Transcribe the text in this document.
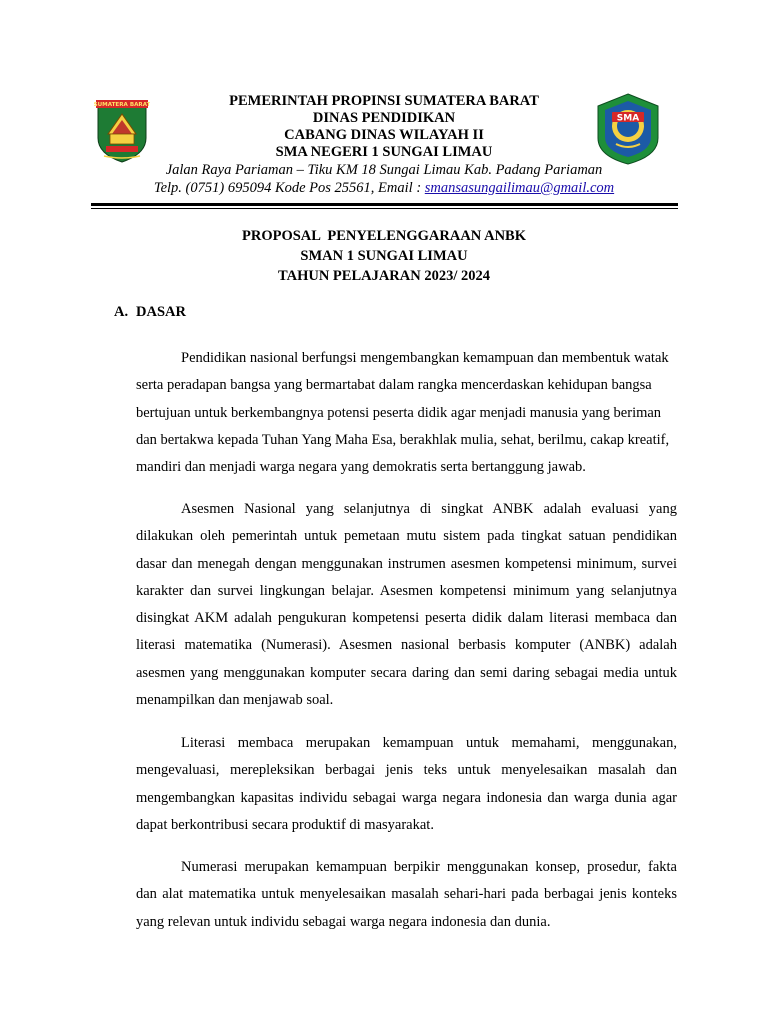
SUMATERA BARAT
SMA
PEMERINTAH PROPINSI SUMATERA BARAT
DINAS PENDIDIKAN
CABANG DINAS WILAYAH II
SMA NEGERI 1 SUNGAI LIMAU
Jalan Raya Pariaman – Tiku KM 18 Sungai Limau Kab. Padang Pariaman
Telp. (0751) 695094 Kode Pos 25561, Email : smansasungailimau@gmail.com
PROPOSAL  PENYELENGGARAAN ANBK
SMAN 1 SUNGAI LIMAU
TAHUN PELAJARAN 2023/ 2024
A. DASAR

Pendidikan nasional berfungsi mengembangkan kemampuan dan membentuk watak serta peradapan bangsa yang bermartabat dalam rangka mencerdaskan kehidupan bangsa bertujuan untuk berkembangnya potensi peserta didik agar menjadi manusia yang beriman dan bertakwa kepada Tuhan Yang Maha Esa, berakhlak mulia, sehat, berilmu, cakap kreatif, mandiri dan menjadi warga negara yang demokratis serta bertanggung jawab.

Asesmen Nasional yang selanjutnya di singkat ANBK adalah evaluasi yang dilakukan oleh pemerintah untuk pemetaan mutu sistem pada tingkat satuan pendidikan dasar dan menegah dengan menggunakan instrumen asesmen kompetensi minimum, survei karakter dan survei lingkungan belajar. Asesmen kompetensi minimum yang selanjutnya disingkat AKM adalah pengukuran kompetensi peserta didik dalam literasi membaca dan literasi matematika (Numerasi). Asesmen nasional berbasis komputer (ANBK) adalah asesmen yang menggunakan komputer secara daring dan semi daring sebagai media untuk menampilkan dan menjawab soal.

Literasi membaca merupakan kemampuan untuk memahami, menggunakan, mengevaluasi, merepleksikan berbagai jenis teks untuk menyelesaikan masalah dan mengembangkan kapasitas individu sebagai warga negara indonesia dan warga dunia agar dapat berkontribusi secara produktif di masyarakat.

Numerasi merupakan kemampuan berpikir menggunakan konsep, prosedur, fakta dan alat matematika untuk menyelesaikan masalah sehari-hari pada berbagai jenis konteks yang relevan untuk individu sebagai warga negara indonesia dan dunia.
